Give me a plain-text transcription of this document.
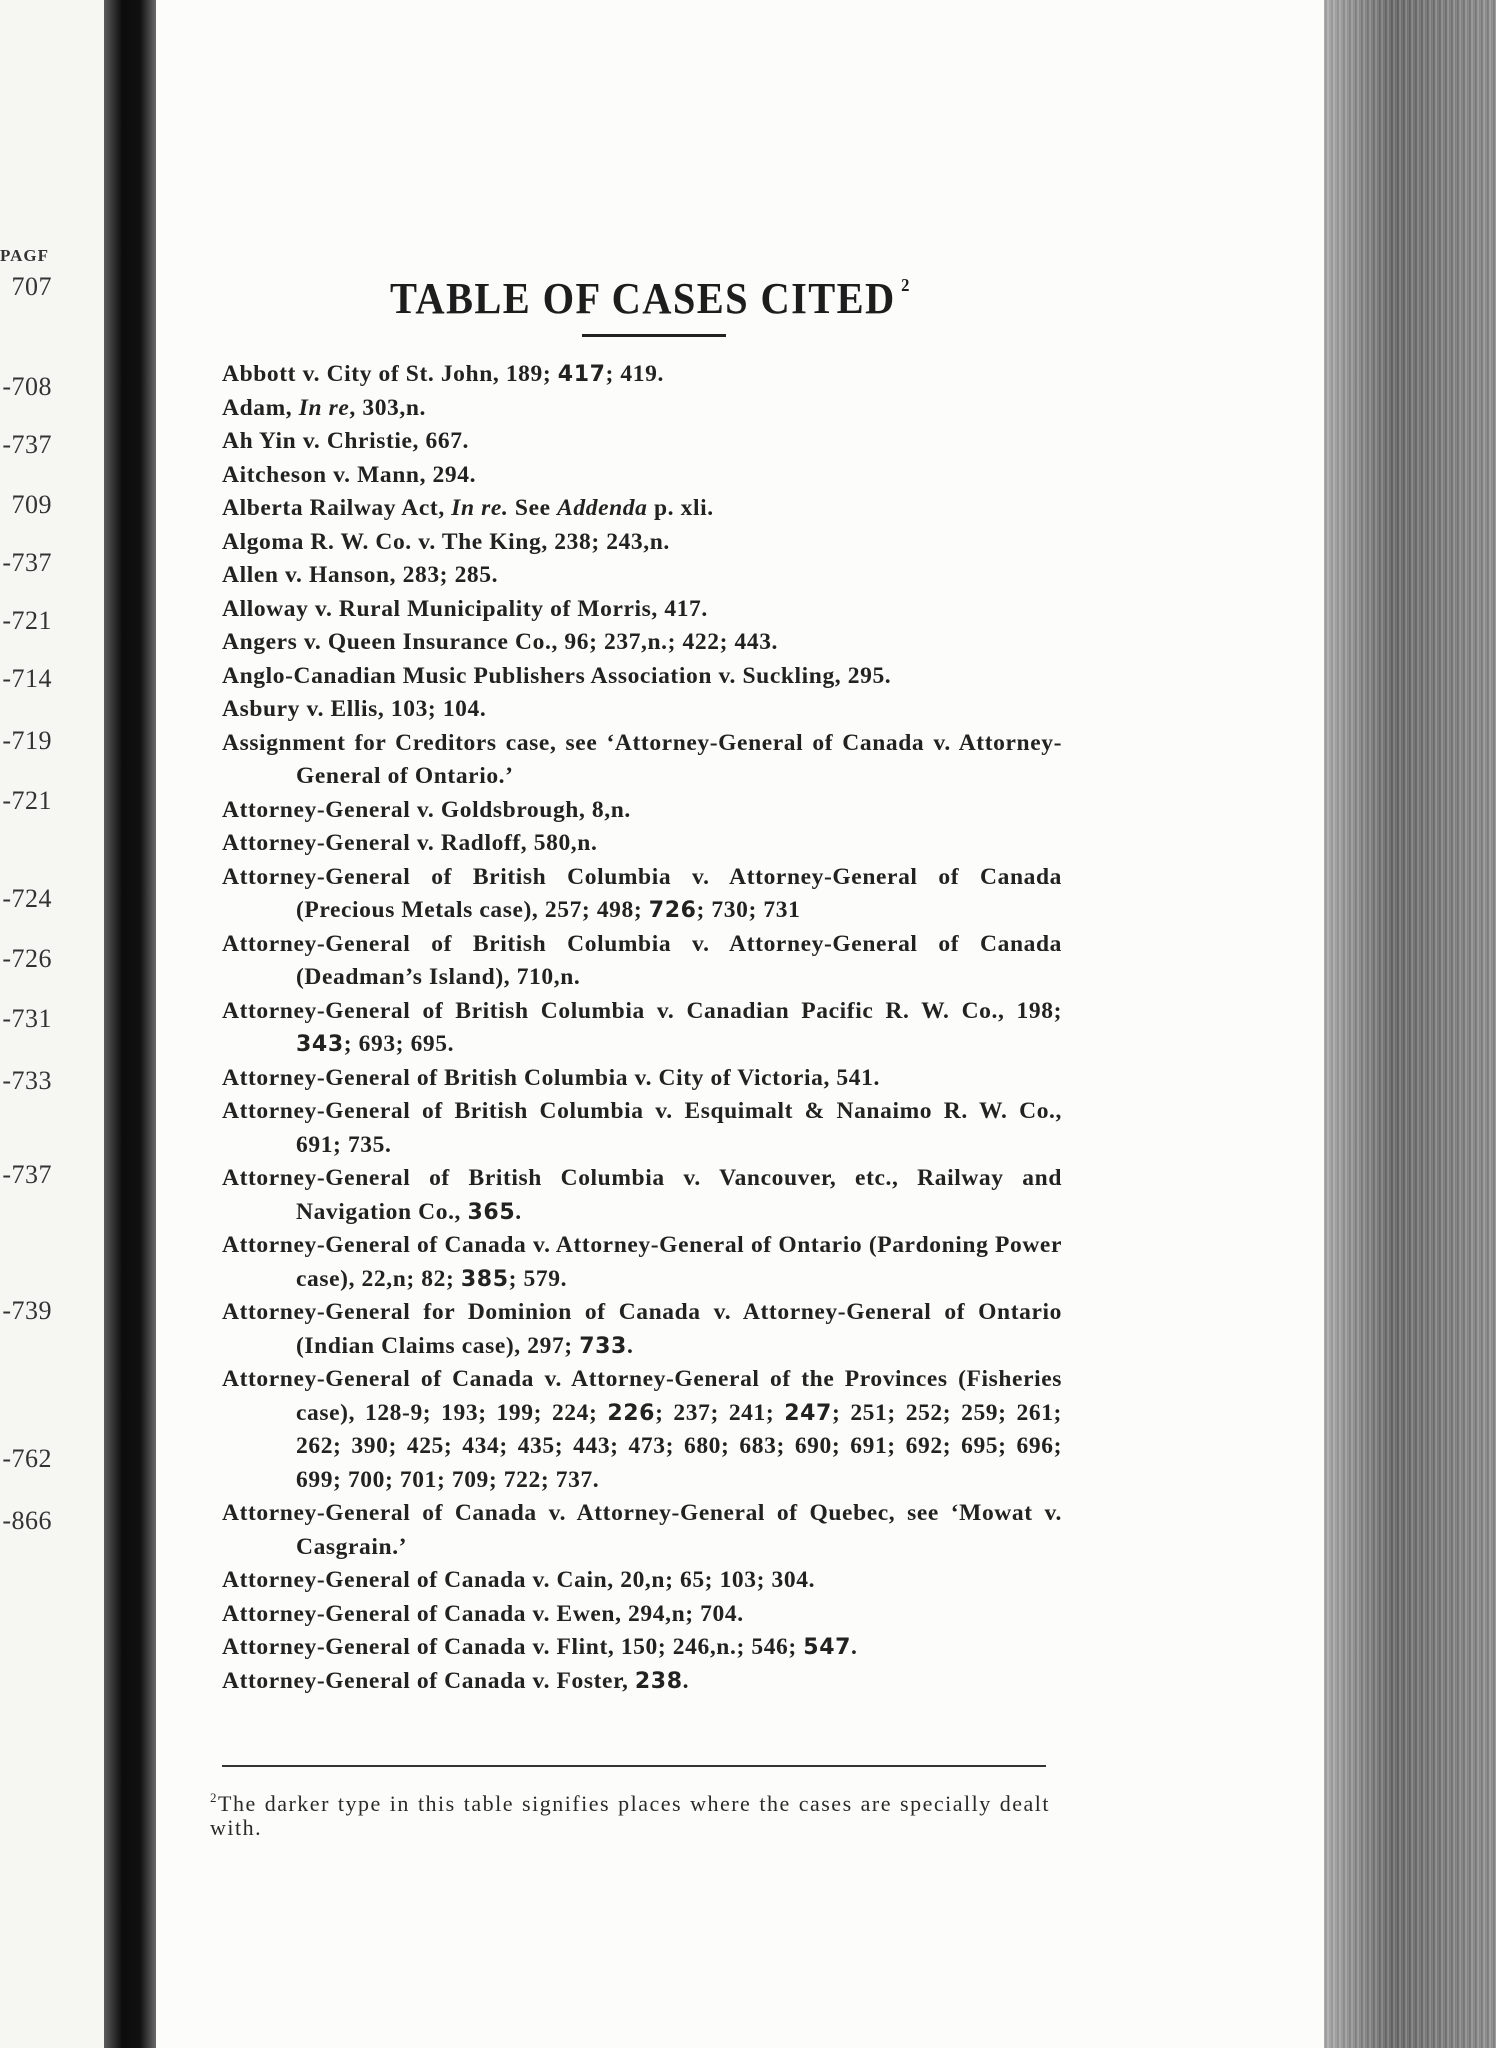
PAGF
707
-708
-737
709
-737
-721
-714
-719
-721
-724
-726
-731
-733
-737
-739
-762
-866
TABLE OF CASES CITED $^2$
Abbott v. City of St. John, 189; 417; 419.
Adam, In re, 303,n.
Ah Yin v. Christie, 667.
Aitcheson v. Mann, 294.
Alberta Railway Act, In re. See Addenda p. xli.
Algoma R. W. Co. v. The King, 238; 243,n.
Allen v. Hanson, 283; 285.
Alloway v. Rural Municipality of Morris, 417.
Angers v. Queen Insurance Co., 96; 237,n.; 422; 443.
Anglo-Canadian Music Publishers Association v. Suckling, 295.
Asbury v. Ellis, 103; 104.
Assignment for Creditors case, see ‘Attorney-General of Canada v. Attorney-General of Ontario.’
Attorney-General v. Goldsbrough, 8,n.
Attorney-General v. Radloff, 580,n.
Attorney-General of British Columbia v. Attorney-General of Canada (Precious Metals case), 257; 498; 726; 730; 731
Attorney-General of British Columbia v. Attorney-General of Canada (Deadman’s Island), 710,n.
Attorney-General of British Columbia v. Canadian Pacific R. W. Co., 198; 343; 693; 695.
Attorney-General of British Columbia v. City of Victoria, 541.
Attorney-General of British Columbia v. Esquimalt & Nanaimo R. W. Co., 691; 735.
Attorney-General of British Columbia v. Vancouver, etc., Railway and Navigation Co., 365.
Attorney-General of Canada v. Attorney-General of Ontario (Pardoning Power case), 22,n; 82; 385; 579.
Attorney-General for Dominion of Canada v. Attorney-General of Ontario (Indian Claims case), 297; 733.
Attorney-General of Canada v. Attorney-General of the Provinces (Fisheries case), 128-9; 193; 199; 224; 226; 237; 241; 247; 251; 252; 259; 261; 262; 390; 425; 434; 435; 443; 473; 680; 683; 690; 691; 692; 695; 696; 699; 700; 701; 709; 722; 737.
Attorney-General of Canada v. Attorney-General of Quebec, see ‘Mowat v. Casgrain.’
Attorney-General of Canada v. Cain, 20,n; 65; 103; 304.
Attorney-General of Canada v. Ewen, 294,n; 704.
Attorney-General of Canada v. Flint, 150; 246,n.; 546; 547.
Attorney-General of Canada v. Foster, 238.
$^2$The darker type in this table signifies places where the cases are specially dealt with.
